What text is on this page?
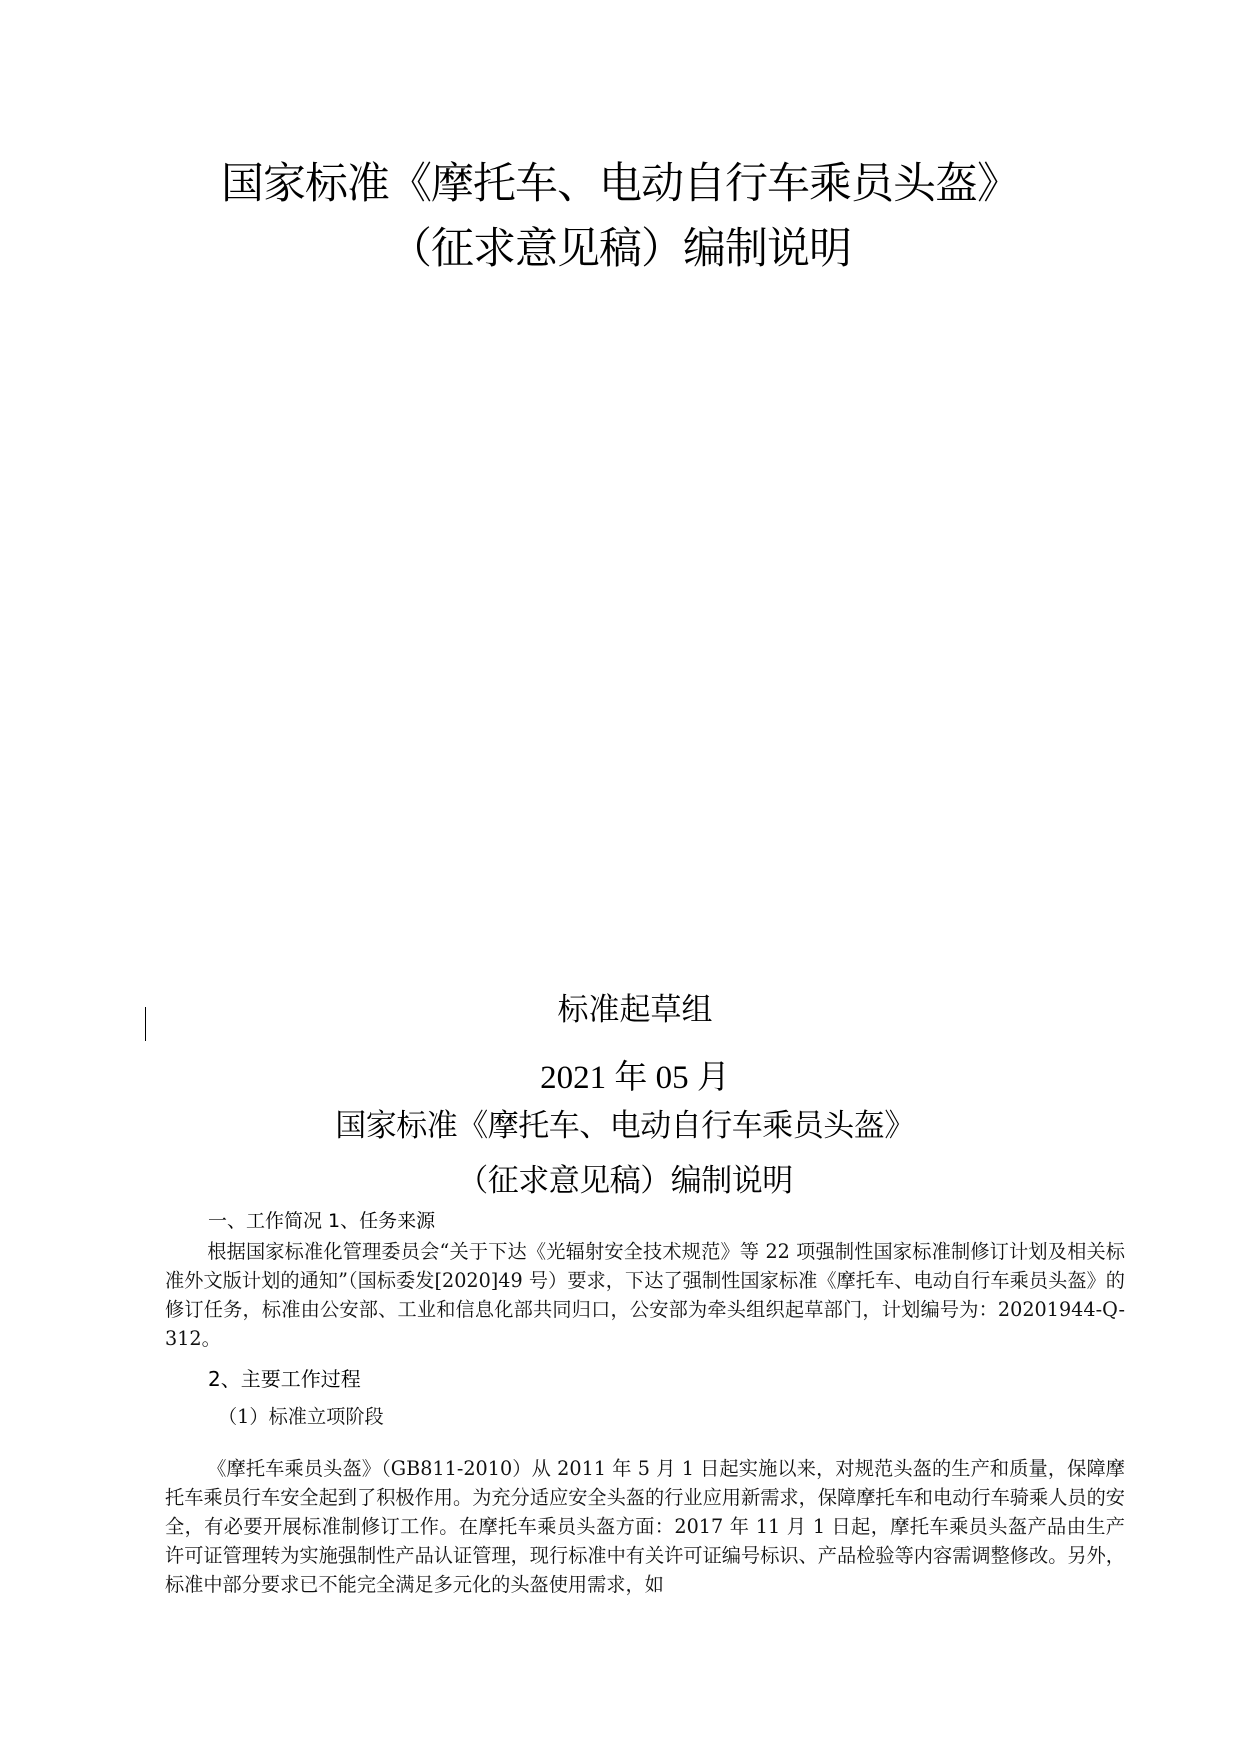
国家标准《摩托车、电动自行车乘员头盔》
（征求意见稿）编制说明
标准起草组
2021 年 05 月
国家标准《摩托车、电动自行车乘员头盔》
（征求意见稿）编制说明
一、工作简况 1、任务来源
根据国家标准化管理委员会“关于下达《光辐射安全技术规范》等 22 项强制性国家标准制修订计划及相关标准外文版计划的通知”（国标委发[2020]49 号）要求，下达了强制性国家标准《摩托车、电动自行车乘员头盔》的修订任务，标准由公安部、工业和信息化部共同归口，公安部为牵头组织起草部门，计划编号为：20201944-Q-312。
2、主要工作过程
（1）标准立项阶段
《摩托车乘员头盔》（GB811-2010）从 2011 年 5 月 1 日起实施以来，对规范头盔的生产和质量，保障摩托车乘员行车安全起到了积极作用。为充分适应安全头盔的行业应用新需求，保障摩托车和电动行车骑乘人员的安全，有必要开展标准制修订工作。在摩托车乘员头盔方面：2017 年 11 月 1 日起，摩托车乘员头盔产品由生产许可证管理转为实施强制性产品认证管理，现行标准中有关许可证编号标识、产品检验等内容需调整修改。另外，标准中部分要求已不能完全满足多元化的头盔使用需求，如
